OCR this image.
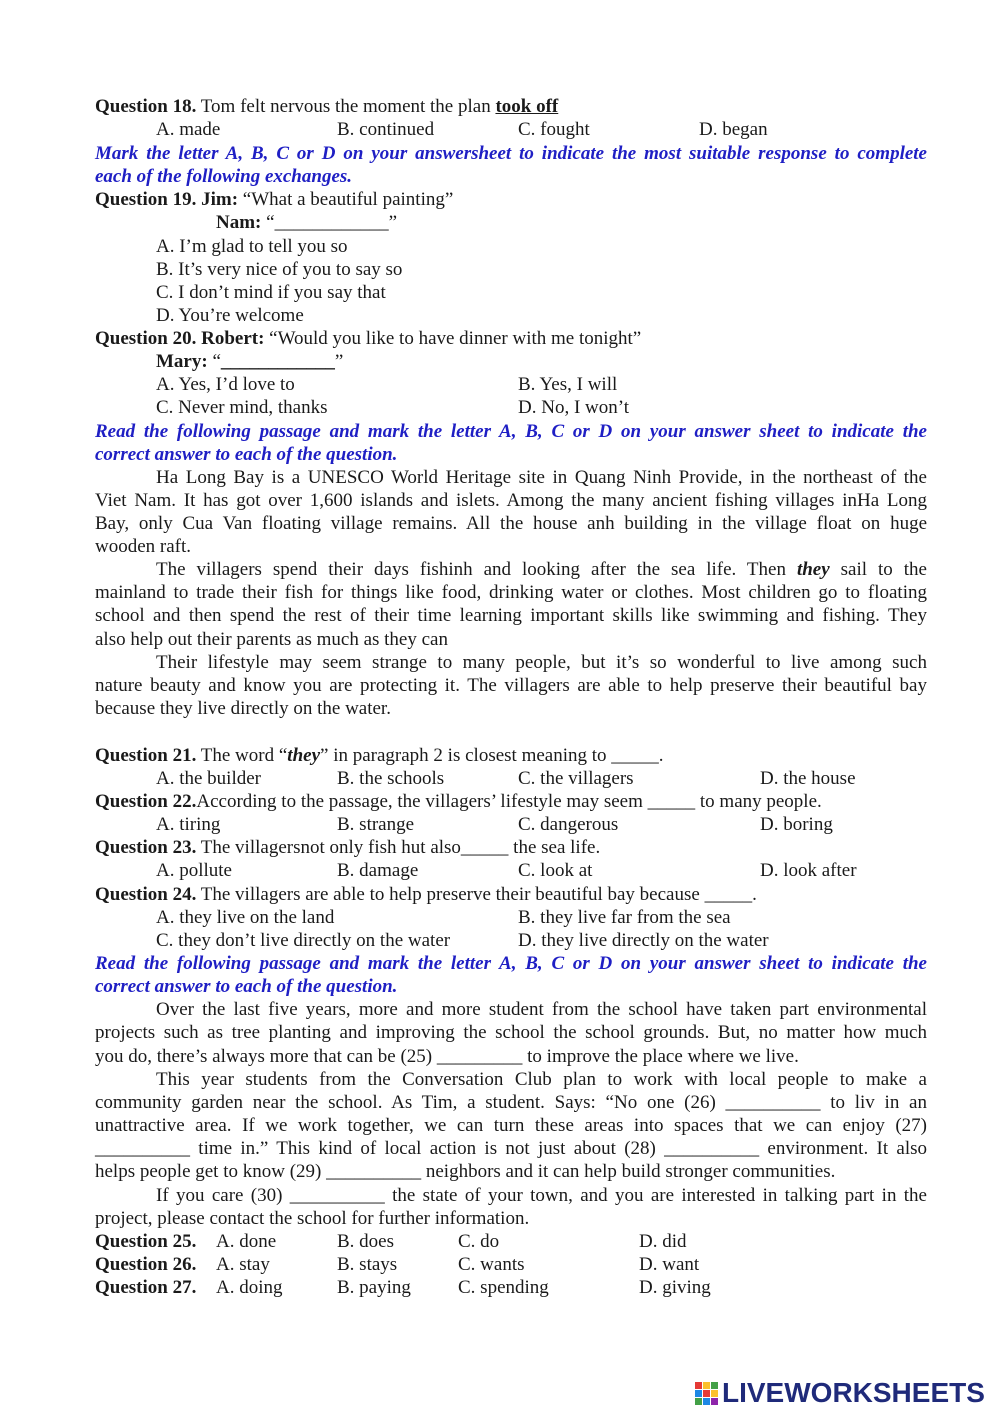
Question 18. Tom felt nervous the moment the plan took off
A. made	B. continued	C. fought	D. began
Mark the letter A, B, C or D on your answersheet to indicate the most suitable response to complete
each of the following exchanges.
Question 19. Jim: “What a beautiful painting”
Nam: “____________”
A. I’m glad to tell you so
B. It’s very nice of you to say so
C. I don’t mind if you say that
D. You’re welcome
Question 20. Robert: “Would you like to have dinner with me tonight”
Mary: “____________”
A. Yes, I’d love to	B. Yes, I will
C. Never mind, thanks	D. No, I won’t
Read the following passage and mark the letter A, B, C or D on your answer sheet to indicate the
correct answer to each of the question.
Ha Long Bay is a UNESCO World Heritage site in Quang Ninh Provide, in the northeast of the
Viet Nam. It has got over 1,600 islands and islets. Among the many ancient fishing villages inHa Long
Bay, only Cua Van floating village remains. All the house anh building in the village float on huge
wooden raft.
The villagers spend their days fishinh and looking after the sea life. Then they sail to the
mainland to trade their fish for things like food, drinking water or clothes. Most children go to floating
school and then spend the rest of their time learning important skills like swimming and fishing. They
also help out their parents as much as they can
Their lifestyle may seem strange to many people, but it’s so wonderful to live among such
nature beauty and know you are protecting it. The villagers are able to help preserve their beautiful bay
because they live directly on the water.
Question 21. The word “they” in paragraph 2 is closest meaning to _____.
A. the builder	B. the schools	C. the villagers	D. the house
Question 22.According to the passage, the villagers’ lifestyle may seem _____ to many people.
A. tiring	B. strange	C. dangerous	D. boring
Question 23. The villagersnot only fish hut also_____ the sea life.
A. pollute	B. damage	C. look at	D. look after
Question 24. The villagers are able to help preserve their beautiful bay because _____.
A. they live on the land	B. they live far from the sea
C. they don’t live directly on the water	D. they live directly on the water
Read the following passage and mark the letter A, B, C or D on your answer sheet to indicate the
correct answer to each of the question.
Over the last five years, more and more student from the school have taken part environmental
projects such as tree planting and improving the school the school grounds. But, no matter how much
you do, there’s always more that can be (25) _________ to improve the place where we live.
This year students from the Conversation Club plan to work with local people to make a
community garden near the school. As Tim, a student. Says: “No one (26) __________ to liv in an
unattractive area. If we work together, we can turn these areas into spaces that we can enjoy (27)
__________ time in.” This kind of local action is not just about (28) __________ environment. It also
helps people get to know (29) __________ neighbors and it can help build stronger communities.
If you care (30) __________ the state of your town, and you are interested in talking part in the
project, please contact the school for further information.
Question 25. A. done	B. does	C. do	D. did
Question 26. A. stay	B. stays	C. wants	D. want
Question 27. A. doing	B. paying C. spending	D. giving
LIVEWORKSHEETS
